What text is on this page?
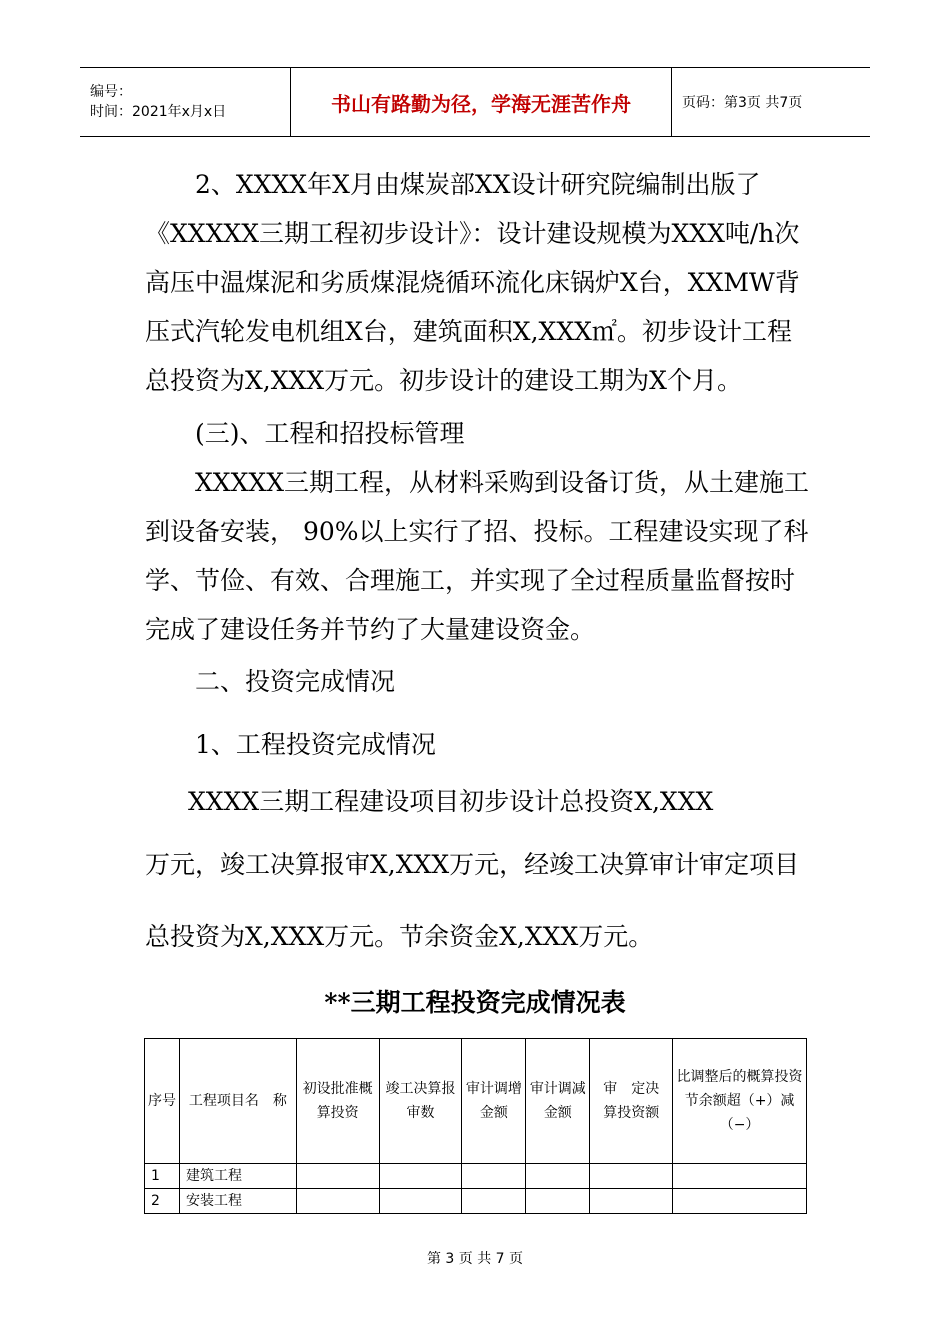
编号：
时间：2021年x月x日	书山有路勤为径，学海无涯苦作舟	页码：第3页 共7页

2、XXXX年X月由煤炭部XX设计研究院编制出版了《XXXXX三期工程初步设计》：设计建设规模为XXX吨/h次高压中温煤泥和劣质煤混烧循环流化床锅炉X台，XXMW背压式汽轮发电机组X台，建筑面积X,XXX㎡。初步设计工程总投资为X,XXX万元。初步设计的建设工期为X个月。

(三)、工程和招投标管理

XXXXX三期工程，从材料采购到设备订货，从土建施工到设备安装， 90%以上实行了招、投标。工程建设实现了科学、节俭、有效、合理施工，并实现了全过程质量监督按时完成了建设任务并节约了大量建设资金。

二、投资完成情况

1、工程投资完成情况

XXXX三期工程建设项目初步设计总投资X,XXX

万元，竣工决算报审X,XXX万元，经竣工决算审计审定项目

总投资为X,XXX万元。节余资金X,XXX万元。

**三期工程投资完成情况表

序号	工程项目名　称	初设批准概算投资	竣工决算报审数	审计调增金额	审计调减金额	审　定决　算投资额	比调整后的概算投资节余额超（+）减（−）
1	建筑工程						
2	安装工程						
第 3 页 共 7 页
